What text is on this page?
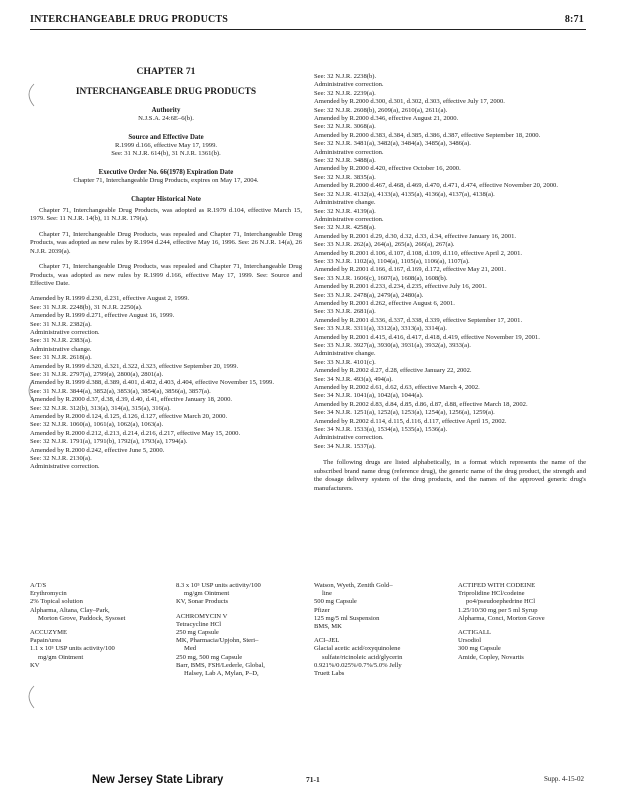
INTERCHANGEABLE DRUG PRODUCTS	8:71

CHAPTER 71

INTERCHANGEABLE DRUG PRODUCTS

Authority

N.J.S.A. 24:6E–6(b).

Source and Effective Date

R.1999 d.166, effective May 17, 1999.
See: 31 N.J.R. 614(b), 31 N.J.R. 1361(b).

Executive Order No. 66(1978) Expiration Date

Chapter 71, Interchangeable Drug Products, expires on May 17, 2004.

Chapter Historical Note

Chapter 71, Interchangeable Drug Products, was adopted as R.1979 d.104, effective March 15, 1979. See: 11 N.J.R. 14(b), 11 N.J.R. 179(a).

Chapter 71, Interchangeable Drug Products, was repealed and Chapter 71, Interchangeable Drug Products, was adopted as new rules by R.1994 d.244, effective May 16, 1996. See: 26 N.J.R. 14(a), 26 N.J.R. 2039(a).

Chapter 71, Interchangeable Drug Products, was repealed and Chapter 71, Interchangeable Drug Products, was adopted as new rules by R.1999 d.166, effective May 17, 1999. See: Source and Effective Date.

Amended by R.1999 d.230, d.231, effective August 2, 1999.
See: 31 N.J.R. 2248(b), 31 N.J.R. 2250(a).
Amended by R.1999 d.271, effective August 16, 1999.
See: 31 N.J.R. 2382(a).
Administrative correction.
See: 31 N.J.R. 2383(a).
Administrative change.
See: 31 N.J.R. 2618(a).
Amended by R.1999 d.320, d.321, d.322, d.323, effective September 20, 1999.
See: 31 N.J.R. 2797(a), 2799(a), 2800(a), 2801(a).
Amended by R.1999 d.388, d.389, d.401, d.402, d.403, d.404, effective November 15, 1999.
See: 31 N.J.R. 3844(a), 3852(a), 3853(a), 3854(a), 3856(a), 3857(a).
Amended by R.2000 d.37, d.38, d.39, d.40, d.41, effective January 18, 2000.
See: 32 N.J.R. 312(b), 313(a), 314(a), 315(a), 316(a).
Amended by R.2000 d.124, d.125, d.126, d.127, effective March 20, 2000.
See: 32 N.J.R. 1060(a), 1061(a), 1062(a), 1063(a).
Amended by R.2000 d.212, d.213, d.214, d.216, d.217, effective May 15, 2000.
See: 32 N.J.R. 1791(a), 1791(b), 1792(a), 1793(a), 1794(a).
Amended by R.2000 d.242, effective June 5, 2000.
See: 32 N.J.R. 2130(a).
Administrative correction.
See: 32 N.J.R. 2238(b).
Administrative correction.
See: 32 N.J.R. 2239(a).
Amended by R.2000 d.300, d.301, d.302, d.303, effective July 17, 2000.
See: 32 N.J.R. 2608(b), 2609(a), 2610(a), 2611(a).
Amended by R.2000 d.346, effective August 21, 2000.
See: 32 N.J.R. 3068(a).
Amended by R.2000 d.383, d.384, d.385, d.386, d.387, effective September 18, 2000.
See: 32 N.J.R. 3481(a), 3482(a), 3484(a), 3485(a), 3486(a).
Administrative correction.
See: 32 N.J.R. 3488(a).
Amended by R.2000 d.420, effective October 16, 2000.
See: 32 N.J.R. 3835(a).
Amended by R.2000 d.467, d.468, d.469, d.470, d.471, d.474, effective November 20, 2000.
See: 32 N.J.R. 4132(a), 4133(a), 4135(a), 4136(a), 4137(a), 4138(a).
Administrative change.
See: 32 N.J.R. 4139(a).
Administrative correction.
See: 32 N.J.R. 4258(a).
Amended by R.2001 d.29, d.30, d.32, d.33, d.34, effective January 16, 2001.
See: 33 N.J.R. 262(a), 264(a), 265(a), 266(a), 267(a).
Amended by R.2001 d.106, d.107, d.108, d.109, d.110, effective April 2, 2001.
See: 33 N.J.R. 1102(a), 1104(a), 1105(a), 1106(a), 1107(a).
Amended by R.2001 d.166, d.167, d.169, d.172, effective May 21, 2001.
See: 33 N.J.R. 1606(c), 1607(a), 1608(a), 1608(b).
Amended by R.2001 d.233, d.234, d.235, effective July 16, 2001.
See: 33 N.J.R. 2478(a), 2479(a), 2480(a).
Amended by R.2001 d.262, effective August 6, 2001.
See: 33 N.J.R. 2681(a).
Amended by R.2001 d.336, d.337, d.338, d.339, effective September 17, 2001.
See: 33 N.J.R. 3311(a), 3312(a), 3313(a), 3314(a).
Amended by R.2001 d.415, d.416, d.417, d.418, d.419, effective November 19, 2001.
See: 33 N.J.R. 3927(a), 3930(a), 3931(a), 3932(a), 3933(a).
Administrative change.
See: 33 N.J.R. 4101(c).
Amended by R.2002 d.27, d.28, effective January 22, 2002.
See: 34 N.J.R. 493(a), 494(a).
Amended by R.2002 d.61, d.62, d.63, effective March 4, 2002.
See: 34 N.J.R. 1041(a), 1042(a), 1044(a).
Amended by R.2002 d.83, d.84, d.85, d.86, d.87, d.88, effective March 18, 2002.
See: 34 N.J.R. 1251(a), 1252(a), 1253(a), 1254(a), 1256(a), 1259(a).
Amended by R.2002 d.114, d.115, d.116, d.117, effective April 15, 2002.
See: 34 N.J.R. 1533(a), 1534(a), 1535(a), 1536(a).
Administrative correction.
See: 34 N.J.R. 1537(a).

The following drugs are listed alphabetically, in a format which represents the name of the subscribed brand name drug (reference drug), the generic name of the drug product, the strength and the dosage delivery system of the drug products, and the names of the approved generic drug's manufacturers.

A/T/S
Erythromycin
2% Topical solution
Alpharma, Altana, Clay–Park,
Morton Grove, Paddock, Sysoset
ACCUZYME
Papain/urea
1.1 x 10⁵ USP units activity/100
mg/gm Ointment
KV
8.3 x 10⁵ USP units activity/100
mg/gm Ointment
KV, Sonar Products
ACHROMYCIN V
Tetracycline HCl
250 mg Capsule
MK, Pharmacia/Upjohn, Steri–
Med
250 mg, 500 mg Capsule
Barr, BMS, FSH/Lederle, Global,
Halsey, Lab A, Mylan, P–D,
Watson, Wyeth, Zenith Gold–
line
500 mg Capsule
Pfizer
125 mg/5 ml Suspension
BMS, MK
ACI–JEL
Glacial acetic acid/oxyquinolene
sulfate/ricinoleic acid/glycerin
0.921%/0.025%/0.7%/5.0% Jelly
Truett Labs
ACTIFED WITH CODEINE
Triprolidine HCl/codeine
po4/pseudoephedrine HCl
1.25/10/30 mg per 5 ml Syrup
Alpharma, Conci, Morton Grove
ACTIGALL
Ursodiol
300 mg Capsule
Amide, Copley, Novartis
New Jersey State Library	71-1	Supp. 4-15-02
